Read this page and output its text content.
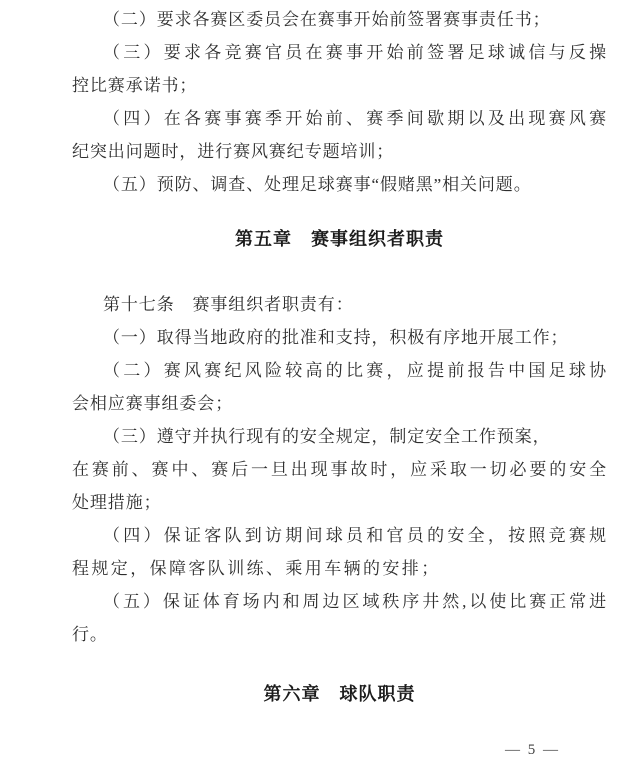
（二）要求各赛区委员会在赛事开始前签署赛事责任书；

（三）要求各竞赛官员在赛事开始前签署足球诚信与反操

控比赛承诺书；

（四）在各赛事赛季开始前、赛季间歇期以及出现赛风赛

纪突出问题时，进行赛风赛纪专题培训；

（五）预防、调查、处理足球赛事“假赌黑”相关问题。

第五章　赛事组织者职责

第十七条　赛事组织者职责有：

（一）取得当地政府的批准和支持，积极有序地开展工作；

（二）赛风赛纪风险较高的比赛，应提前报告中国足球协

会相应赛事组委会；

（三）遵守并执行现有的安全规定，制定安全工作预案，

在赛前、赛中、赛后一旦出现事故时，应采取一切必要的安全

处理措施；

（四）保证客队到访期间球员和官员的安全，按照竞赛规

程规定，保障客队训练、乘用车辆的安排；

（五）保证体育场内和周边区域秩序井然,以使比赛正常进

行。

第六章　球队职责
— 5 —
